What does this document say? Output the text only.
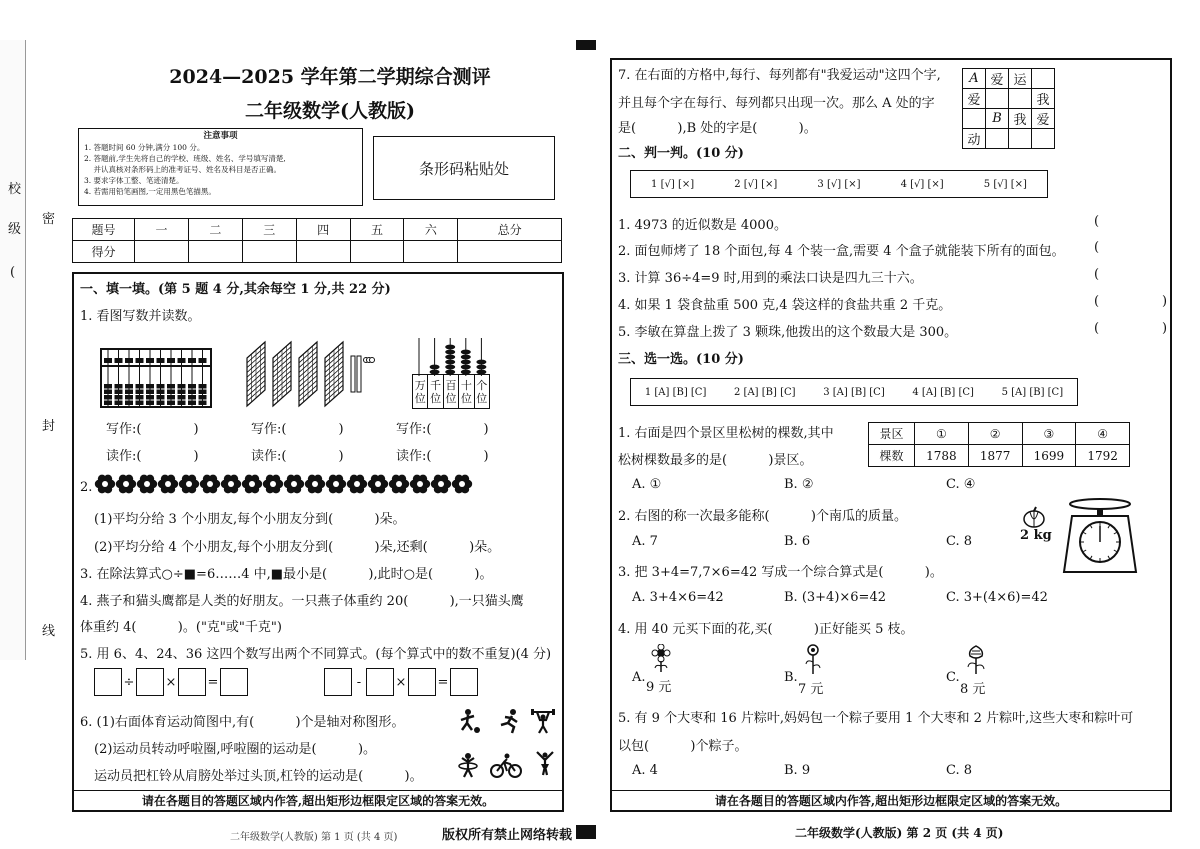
校
级
(
密
封
线
2024—2025 学年第二学期综合测评
二年级数学(人教版)
注意事项
1. 答题时间 60 分钟,满分 100 分。
2. 答题前,学生先将自己的学校、班级、姓名、学号填写清楚,
并认真核对条形码上的准考证号、姓名及科目是否正确。
3. 要求字体工整、笔迹清楚。
4. 若需用铅笔画图,一定用黑色笔描黑。
条形码粘贴处
题号	一	二	三	四	五	六	总分
得分							
一、填一填。(第 5 题 4 分,其余每空 1 分,共 22 分)
1. 看图写数并读数。
万位	千位	百位	十位	个位
写作:(	)	写作:(	)	写作:(	)
读作:(	)	读作:(	)	读作:(	)
2.
(1)平均分给 3 个小朋友,每个小朋友分到(          )朵。
(2)平均分给 4 个小朋友,每个小朋友分到(          )朵,还剩(          )朵。
3. 在除法算式○÷■=6……4 中,■最小是(          ),此时○是(          )。
4. 燕子和猫头鹰都是人类的好朋友。一只燕子体重约 20(          ),一只猫头鹰
体重约 4(          )。("克"或"千克")
5. 用 6、4、24、36 这四个数写出两个不同算式。(每个算式中的数不重复)(4 分)
÷ × =	-	× =
6. (1)右面体育运动简图中,有(          )个是轴对称图形。
(2)运动员转动呼啦圈,呼啦圈的运动是(          )。
运动员把杠铃从肩膀处举过头顶,杠铃的运动是(          )。
请在各题目的答题区域内作答,超出矩形边框限定区域的答案无效。
二年级数学(人教版) 第 1 页 (共 4 页)	版权所有禁止网络转载
7. 在右面的方格中,每行、每列都有"我爱运动"这四个字,
并且每个字在每行、每列都只出现一次。那么 A 处的字
是(          ),B 处的字是(          )。
A	爱	运	
爱			我
	B	我	爱
动			
二、判一判。(10 分)
1 [√] [×]	2 [√] [×]	3 [√] [×]	4 [√] [×]	5 [√] [×]
1. 4973 的近似数是 4000。
2. 面包师烤了 18 个面包,每 4 个装一盒,需要 4 个盒子就能装下所有的面包。
3. 计算 36÷4=9 时,用到的乘法口诀是四九三十六。
4. 如果 1 袋食盐重 500 克,4 袋这样的食盐共重 2 千克。
5. 李敏在算盘上拨了 3 颗珠,他拨出的这个数最大是 300。
(
(
(
(	)
(	)
三、选一选。(10 分)
1 [A] [B] [C]	2 [A] [B] [C]	3 [A] [B] [C]	4 [A] [B] [C]	5 [A] [B] [C]
1. 右面是四个景区里松树的棵数,其中
松树棵数最多的是(          )景区。
景区	①	②	③	④
棵数	1788	1877	1699	1792
A. ①	B. ②	C. ④
2. 右图的称一次最多能称(          )个南瓜的质量。
A. 7	B. 6	C. 8	2 kg
3. 把 3+4=7,7×6=42 写成一个综合算式是(          )。
A. 3+4×6=42	B. (3+4)×6=42	C. 3+(4×6)=42
4. 用 40 元买下面的花,买(          )正好能买 5 枝。
A.
9 元
B.
7 元
C.
8 元
5. 有 9 个大枣和 16 片粽叶,妈妈包一个粽子要用 1 个大枣和 2 片粽叶,这些大枣和粽叶可
以包(          )个粽子。
A. 4	B. 9	C. 8
请在各题目的答题区域内作答,超出矩形边框限定区域的答案无效。
二年级数学(人教版) 第 2 页 (共 4 页)
